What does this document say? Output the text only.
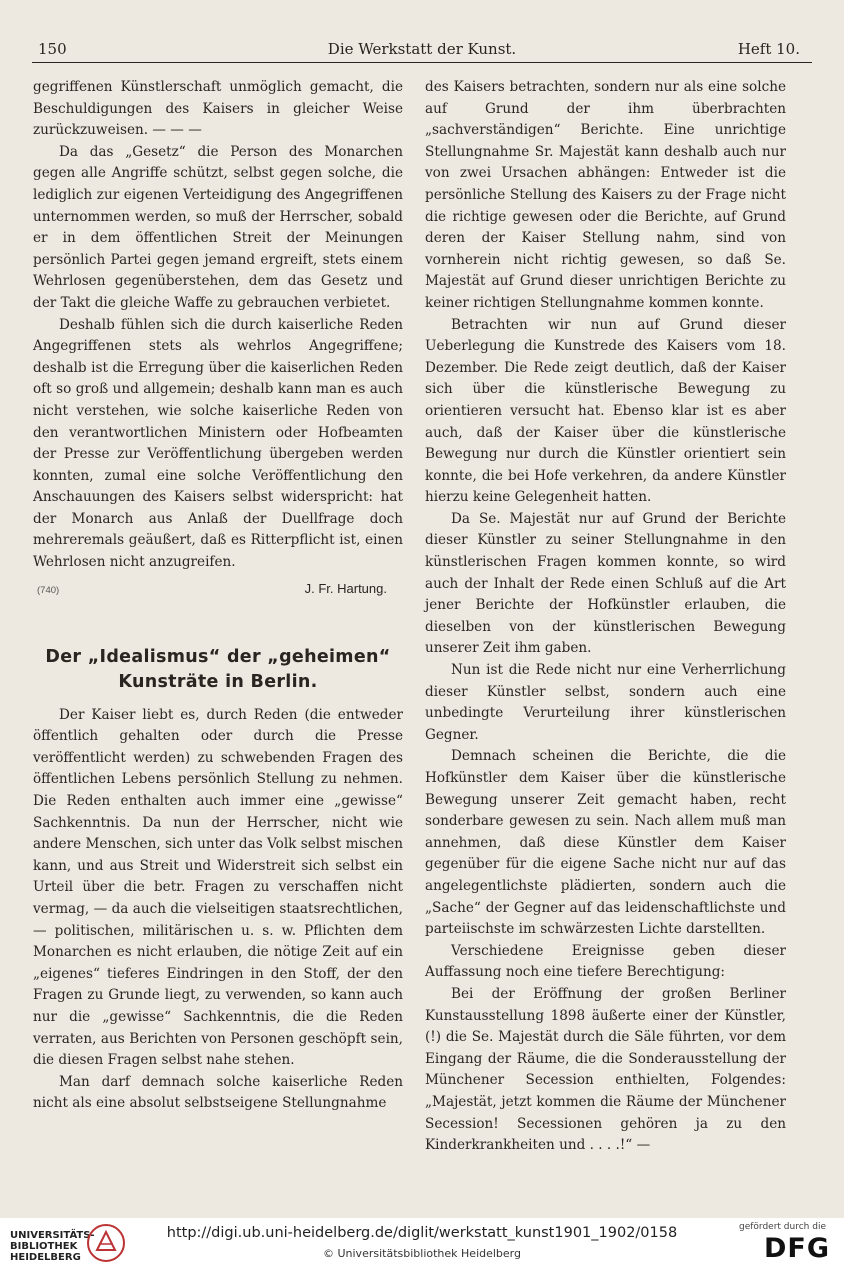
150	Die Werkstatt der Kunst.	Heft 10.

gegriffenen Künstlerschaft unmöglich gemacht, die Beschuldigungen des Kaisers in gleicher Weise zurückzuweisen. — — —

Da das „Gesetz“ die Person des Monarchen gegen alle Angriffe schützt, selbst gegen solche, die lediglich zur eigenen Verteidigung des Angegriffenen unternommen werden, so muß der Herrscher, sobald er in dem öffentlichen Streit der Meinungen persönlich Partei gegen jemand ergreift, stets einem Wehrlosen gegenüberstehen, dem das Gesetz und der Takt die gleiche Waffe zu gebrauchen verbietet.

Deshalb fühlen sich die durch kaiserliche Reden Angegriffenen stets als wehrlos Angegriffene; deshalb ist die Erregung über die kaiserlichen Reden oft so groß und allgemein; deshalb kann man es auch nicht verstehen, wie solche kaiserliche Reden von den verantwortlichen Ministern oder Hofbeamten der Presse zur Veröffentlichung übergeben werden konnten, zumal eine solche Veröffentlichung den Anschauungen des Kaisers selbst widerspricht: hat der Monarch aus Anlaß der Duellfrage doch mehreremals geäußert, daß es Ritterpflicht ist, einen Wehrlosen nicht anzugreifen.

(740)	J. Fr. Hartung.
Der „Idealismus“ der „geheimen“
Kunsträte in Berlin.

Der Kaiser liebt es, durch Reden (die entweder öffentlich gehalten oder durch die Presse veröffentlicht werden) zu schwebenden Fragen des öffentlichen Lebens persönlich Stellung zu nehmen. Die Reden enthalten auch immer eine „gewisse“ Sachkenntnis. Da nun der Herrscher, nicht wie andere Menschen, sich unter das Volk selbst mischen kann, und aus Streit und Widerstreit sich selbst ein Urteil über die betr. Fragen zu verschaffen nicht vermag, — da auch die vielseitigen staatsrechtlichen, — politischen, militärischen u. s. w. Pflichten dem Monarchen es nicht erlauben, die nötige Zeit auf ein „eigenes“ tieferes Eindringen in den Stoff, der den Fragen zu Grunde liegt, zu verwenden, so kann auch nur die „gewisse“ Sachkenntnis, die die Reden verraten, aus Berichten von Personen geschöpft sein, die diesen Fragen selbst nahe stehen.

Man darf demnach solche kaiserliche Reden nicht als eine absolut selbstseigene Stellungnahme

des Kaisers betrachten, sondern nur als eine solche auf Grund der ihm überbrachten „sachverständigen“ Berichte. Eine unrichtige Stellungnahme Sr. Majestät kann deshalb auch nur von zwei Ursachen abhängen: Entweder ist die persönliche Stellung des Kaisers zu der Frage nicht die richtige gewesen oder die Berichte, auf Grund deren der Kaiser Stellung nahm, sind von vornherein nicht richtig gewesen, so daß Se. Majestät auf Grund dieser unrichtigen Berichte zu keiner richtigen Stellungnahme kommen konnte.

Betrachten wir nun auf Grund dieser Ueberlegung die Kunstrede des Kaisers vom 18. Dezember. Die Rede zeigt deutlich, daß der Kaiser sich über die künstlerische Bewegung zu orientieren versucht hat. Ebenso klar ist es aber auch, daß der Kaiser über die künstlerische Bewegung nur durch die Künstler orientiert sein konnte, die bei Hofe verkehren, da andere Künstler hierzu keine Gelegenheit hatten.

Da Se. Majestät nur auf Grund der Berichte dieser Künstler zu seiner Stellungnahme in den künstlerischen Fragen kommen konnte, so wird auch der Inhalt der Rede einen Schluß auf die Art jener Berichte der Hofkünstler erlauben, die dieselben von der künstlerischen Bewegung unserer Zeit ihm gaben.

Nun ist die Rede nicht nur eine Verherrlichung dieser Künstler selbst, sondern auch eine unbedingte Verurteilung ihrer künstlerischen Gegner.

Demnach scheinen die Berichte, die die Hofkünstler dem Kaiser über die künstlerische Bewegung unserer Zeit gemacht haben, recht sonderbare gewesen zu sein. Nach allem muß man annehmen, daß diese Künstler dem Kaiser gegenüber für die eigene Sache nicht nur auf das angelegentlichste plädierten, sondern auch die „Sache“ der Gegner auf das leidenschaftlichste und parteiischste im schwärzesten Lichte darstellten.

Verschiedene Ereignisse geben dieser Auffassung noch eine tiefere Berechtigung:

Bei der Eröffnung der großen Berliner Kunstausstellung 1898 äußerte einer der Künstler, (!) die Se. Majestät durch die Säle führten, vor dem Eingang der Räume, die die Sonderausstellung der Münchener Secession enthielten, Folgendes: „Majestät, jetzt kommen die Räume der Münchener Secession! Secessionen gehören ja zu den Kinderkrankheiten und . . . .!“ —

UNIVERSITÄTS-
BIBLIOTHEK
HEIDELBERG
http://digi.ub.uni-heidelberg.de/diglit/werkstatt_kunst1901_1902/0158
© Universitätsbibliothek Heidelberg
gefördert durch die
DFG
